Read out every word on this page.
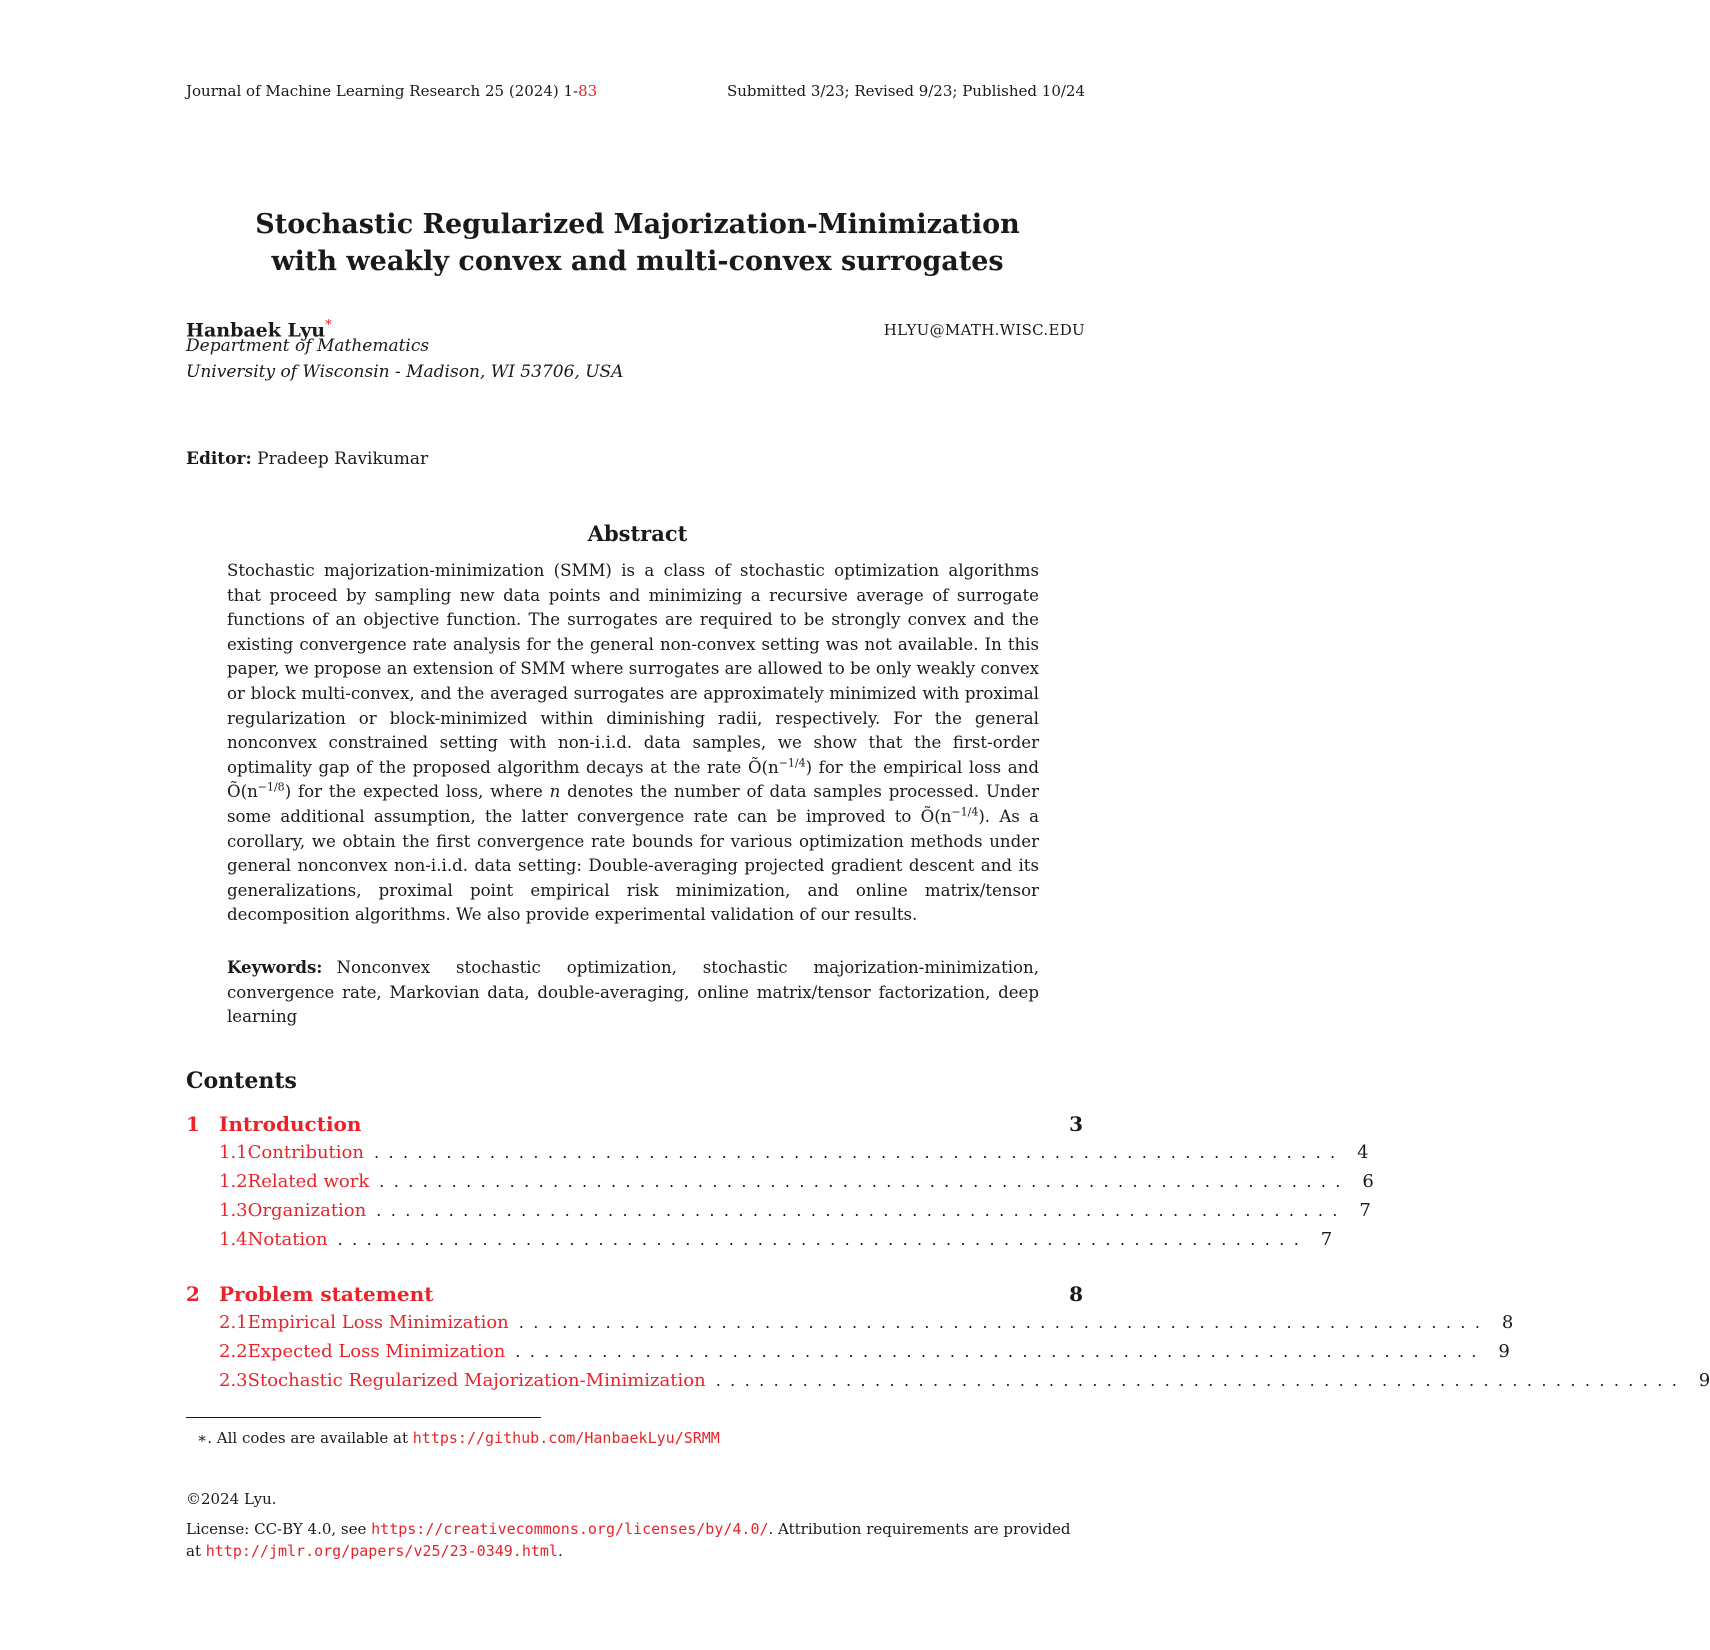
Journal of Machine Learning Research 25 (2024) 1-83	Submitted 3/23; Revised 9/23; Published 10/24
Stochastic Regularized Majorization-Minimization
with weakly convex and multi-convex surrogates
Hanbaek Lyu*	HLYU@MATH.WISC.EDU
Department of Mathematics
University of Wisconsin - Madison, WI 53706, USA
Editor: Pradeep Ravikumar
Abstract
Stochastic majorization-minimization (SMM) is a class of stochastic optimization algorithms that proceed by sampling new data points and minimizing a recursive average of surrogate functions of an objective function. The surrogates are required to be strongly convex and the existing convergence rate analysis for the general non-convex setting was not available. In this paper, we propose an extension of SMM where surrogates are allowed to be only weakly convex or block multi-convex, and the averaged surrogates are approximately minimized with proximal regularization or block-minimized within diminishing radii, respectively. For the general nonconvex constrained setting with non-i.i.d. data samples, we show that the first-order optimality gap of the proposed algorithm decays at the rate $Õ(n^{-1/4})$ for the empirical loss and $Õ(n^{-1/8})$ for the expected loss, where n denotes the number of data samples processed. Under some additional assumption, the latter convergence rate can be improved to $Õ(n^{-1/4})$. As a corollary, we obtain the first convergence rate bounds for various optimization methods under general nonconvex non-i.i.d. data setting: Double-averaging projected gradient descent and its generalizations, proximal point empirical risk minimization, and online matrix/tensor decomposition algorithms. We also provide experimental validation of our results.
Keywords: Nonconvex stochastic optimization, stochastic majorization-minimization, convergence rate, Markovian data, double-averaging, online matrix/tensor factorization, deep learning
Contents
1 Introduction	3
1.1 Contribution ................................................................... 4
1.2 Related work ................................................................... 6
1.3 Organization ................................................................... 7
1.4 Notation ................................................................... 7
2 Problem statement	8
2.1 Empirical Loss Minimization ................................................................... 8
2.2 Expected Loss Minimization ................................................................... 9
2.3 Stochastic Regularized Majorization-Minimization ................................................................... 9
∗. All codes are available at https://github.com/HanbaekLyu/SRMM
©2024 Lyu.
License: CC-BY 4.0, see https://creativecommons.org/licenses/by/4.0/. Attribution requirements are provided at http://jmlr.org/papers/v25/23-0349.html.
